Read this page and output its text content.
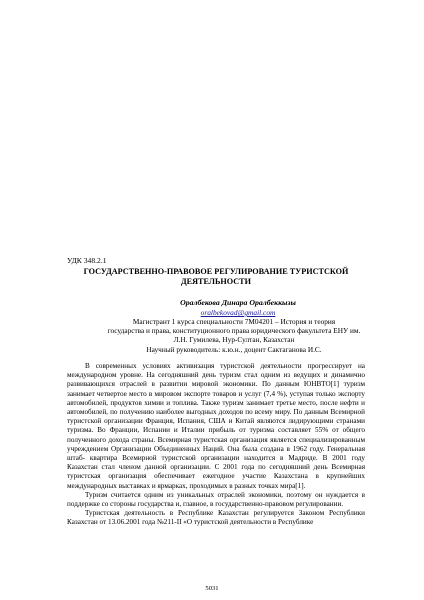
УДК 348.2.1
ГОСУДАРСТВЕННО-ПРАВОВОЕ РЕГУЛИРОВАНИЕ ТУРИСТСКОЙ ДЕЯТЕЛЬНОСТИ
Оралбекова Динара Оралбеккызы
oralbekovad@gmail.com
Магистрант 1 курса специальности 7М04201 – История и теория
государства и права, конституционного права юридического факультета ЕНУ им.
Л.Н. Гумилева, Нур-Султан, Казахстан
Научный руководитель: к.ю.н., доцент Сактаганова И.С.

В современных условиях активизация туристской деятельности прогрессирует на международном уровне. На сегодняшний день туризм стал одним из ведущих и динамично развивающихся отраслей в развитии мировой экономики. По данным ЮНВТО[1] туризм занимает четвертое место в мировом экспорте товаров и услуг (7,4 %), уступая только экспорту автомобилей, продуктов химии и топлива. Также туризм занимает третье место, после нефти и автомобилей, по получению наиболее выгодных доходов по всему миру. По данным Всемирной туристской организации Франция, Испания, США и Китай являются лидирующими странами туризма. Во Франции, Испании и Италии прибыль от туризма составляет 55% от общего полученного дохода страны. Всемирная туристская организация является специализированным учреждением Организации Объединенных Наций. Она была создана в 1962 году. Генеральная штаб- квартира Всемирной туристской организации находится в Мадриде. В 2001 году Казахстан стал членом данной организации. С 2001 года по сегодняшний день Всемирная туристская организация обеспечивает ежегодное участие Казахстана в крупнейших международных выставках и ярмарках, проходимых в разных точках мира[1].

Туризм считается одним из уникальных отраслей экономики, поэтому он нуждается в поддержке со стороны государства и, главное, в государственно-правовом регулировании.

Туристская деятельность в Республике Казахстан регулируется Законом Республики Казахстан от 13.06.2001 года №211-II «О туристской деятельности в Республике

5031
